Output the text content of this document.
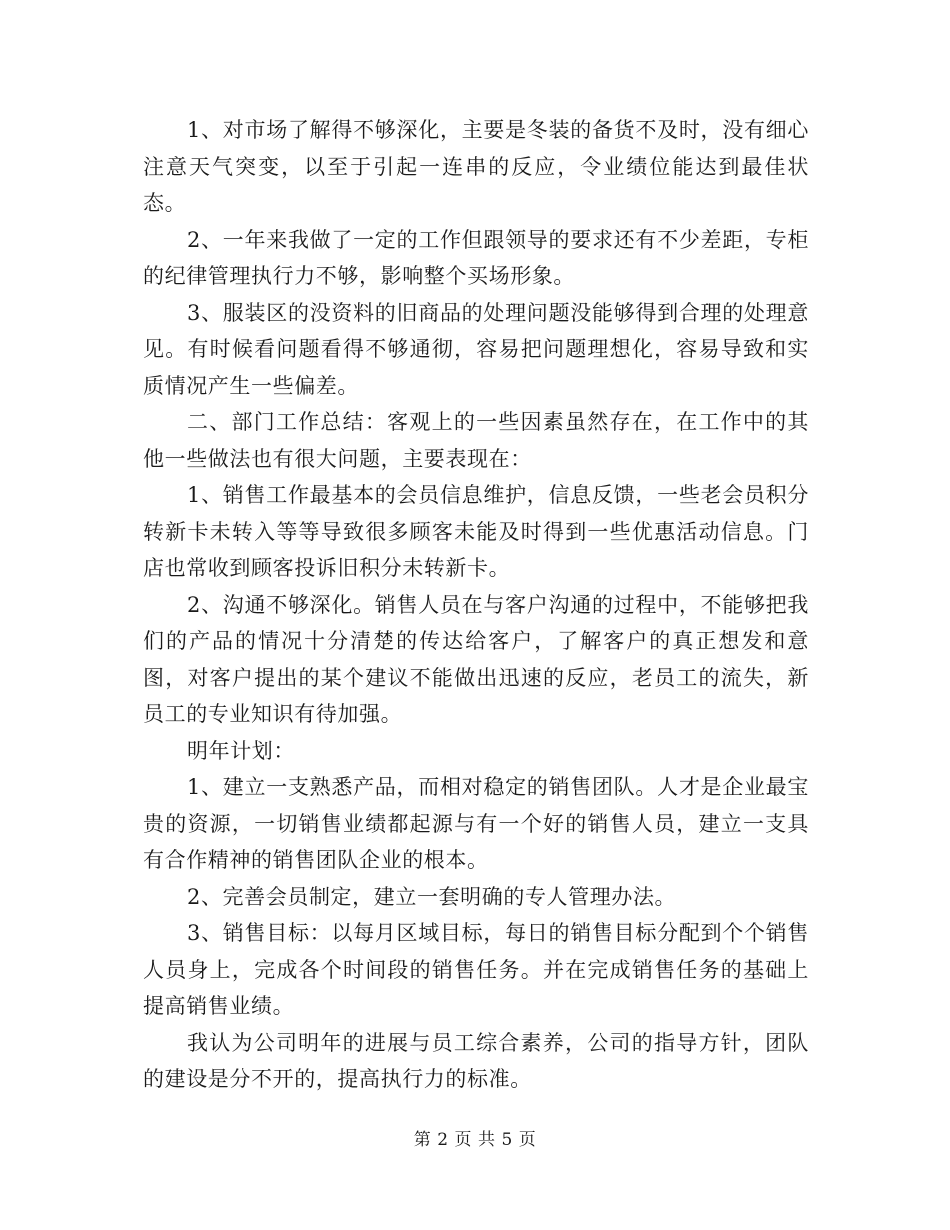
1、对市场了解得不够深化，主要是冬装的备货不及时，没有细心注意天气突变，以至于引起一连串的反应，令业绩位能达到最佳状态。

2、一年来我做了一定的工作但跟领导的要求还有不少差距，专柜的纪律管理执行力不够，影响整个买场形象。

3、服装区的没资料的旧商品的处理问题没能够得到合理的处理意见。有时候看问题看得不够通彻，容易把问题理想化，容易导致和实质情况产生一些偏差。

二、部门工作总结：客观上的一些因素虽然存在，在工作中的其他一些做法也有很大问题，主要表现在：

1、销售工作最基本的会员信息维护，信息反馈，一些老会员积分转新卡未转入等等导致很多顾客未能及时得到一些优惠活动信息。门店也常收到顾客投诉旧积分未转新卡。

2、沟通不够深化。销售人员在与客户沟通的过程中，不能够把我们的产品的情况十分清楚的传达给客户，了解客户的真正想发和意图，对客户提出的某个建议不能做出迅速的反应，老员工的流失，新员工的专业知识有待加强。

明年计划：

1、建立一支熟悉产品，而相对稳定的销售团队。人才是企业最宝贵的资源，一切销售业绩都起源与有一个好的销售人员，建立一支具有合作精神的销售团队企业的根本。

2、完善会员制定，建立一套明确的专人管理办法。

3、销售目标：以每月区域目标，每日的销售目标分配到个个销售人员身上，完成各个时间段的销售任务。并在完成销售任务的基础上提高销售业绩。

我认为公司明年的进展与员工综合素养，公司的指导方针，团队的建设是分不开的，提高执行力的标准。

第 2 页 共 5 页
